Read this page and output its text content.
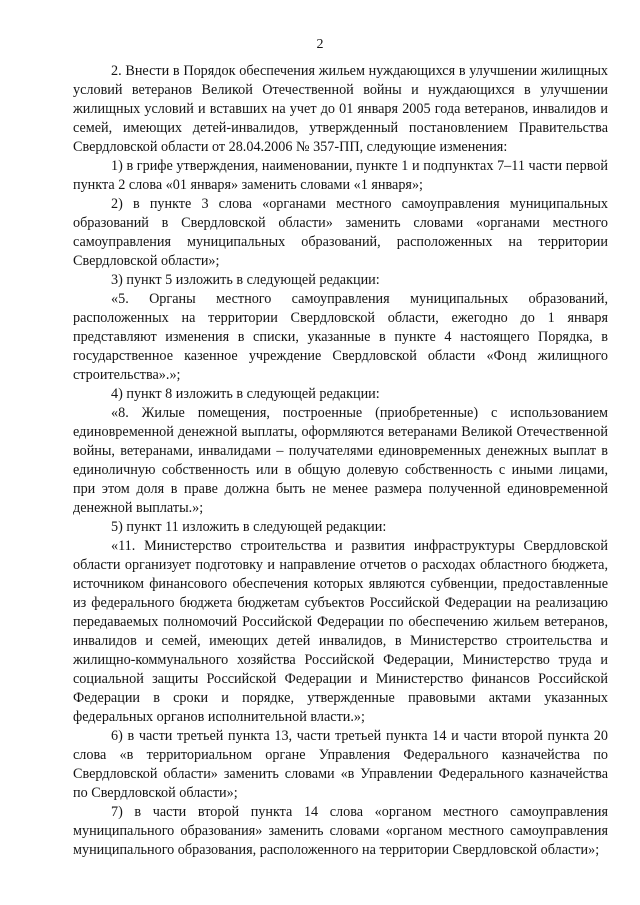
2

2. Внести в Порядок обеспечения жильем нуждающихся в улучшении жилищных условий ветеранов Великой Отечественной войны и нуждающихся в улучшении жилищных условий и вставших на учет до 01 января 2005 года ветеранов, инвалидов и семей, имеющих детей-инвалидов, утвержденный постановлением Правительства Свердловской области от 28.04.2006 № 357-ПП, следующие изменения:

1) в грифе утверждения, наименовании, пункте 1 и подпунктах 7–11 части первой пункта 2 слова «01 января» заменить словами «1 января»;

2) в пункте 3 слова «органами местного самоуправления муниципальных образований в Свердловской области» заменить словами «органами местного самоуправления муниципальных образований, расположенных на территории Свердловской области»;

3) пункт 5 изложить в следующей редакции:

«5. Органы местного самоуправления муниципальных образований, расположенных на территории Свердловской области, ежегодно до 1 января представляют изменения в списки, указанные в пункте 4 настоящего Порядка, в государственное казенное учреждение Свердловской области «Фонд жилищного строительства».»;

4) пункт 8 изложить в следующей редакции:

«8. Жилые помещения, построенные (приобретенные) с использованием единовременной денежной выплаты, оформляются ветеранами Великой Отечественной войны, ветеранами, инвалидами – получателями единовременных денежных выплат в единоличную собственность или в общую долевую собственность с иными лицами, при этом доля в праве должна быть не менее размера полученной единовременной денежной выплаты.»;

5) пункт 11 изложить в следующей редакции:

«11. Министерство строительства и развития инфраструктуры Свердловской области организует подготовку и направление отчетов о расходах областного бюджета, источником финансового обеспечения которых являются субвенции, предоставленные из федерального бюджета бюджетам субъектов Российской Федерации на реализацию передаваемых полномочий Российской Федерации по обеспечению жильем ветеранов, инвалидов и семей, имеющих детей инвалидов, в Министерство строительства и жилищно-коммунального хозяйства Российской Федерации, Министерство труда и социальной защиты Российской Федерации и Министерство финансов Российской Федерации в сроки и порядке, утвержденные правовыми актами указанных федеральных органов исполнительной власти.»;

6) в части третьей пункта 13, части третьей пункта 14 и части второй пункта 20 слова «в территориальном органе Управления Федерального казначейства по Свердловской области» заменить словами «в Управлении Федерального казначейства по Свердловской области»;

7) в части второй пункта 14 слова «органом местного самоуправления муниципального образования» заменить словами «органом местного самоуправления муниципального образования, расположенного на территории Свердловской области»;
